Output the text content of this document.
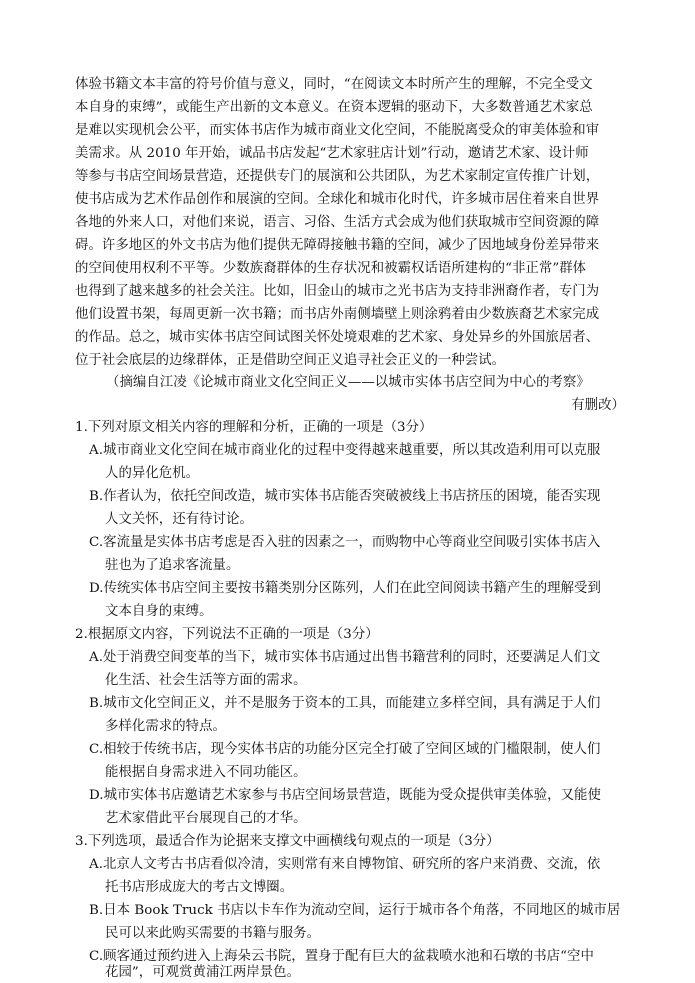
体验书籍文本丰富的符号价值与意义，同时，“在阅读文本时所产生的理解，不完全受文
本自身的束缚”，或能生产出新的文本意义。在资本逻辑的驱动下，大多数普通艺术家总
是难以实现机会公平，而实体书店作为城市商业文化空间，不能脱离受众的审美体验和审
美需求。从 2010 年开始，诚品书店发起“艺术家驻店计划”行动，邀请艺术家、设计师
等参与书店空间场景营造，还提供专门的展演和公共团队，为艺术家制定宣传推广计划，
使书店成为艺术作品创作和展演的空间。全球化和城市化时代，许多城市居住着来自世界
各地的外来人口，对他们来说，语言、习俗、生活方式会成为他们获取城市空间资源的障
碍。许多地区的外文书店为他们提供无障碍接触书籍的空间，减少了因地域身份差异带来
的空间使用权利不平等。少数族裔群体的生存状况和被霸权话语所建构的“非正常”群体
也得到了越来越多的社会关注。比如，旧金山的城市之光书店为支持非洲裔作者，专门为
他们设置书架，每周更新一次书籍；而书店外南侧墙壁上则涂鸦着由少数族裔艺术家完成
的作品。总之，城市实体书店空间试图关怀处境艰难的艺术家、身处异乡的外国旅居者、
位于社会底层的边缘群体，正是借助空间正义追寻社会正义的一种尝试。
（摘编自江凌《论城市商业文化空间正义——以城市实体书店空间为中心的考察》
有删改）
1.下列对原文相关内容的理解和分析，正确的一项是（3分）
A.城市商业文化空间在城市商业化的过程中变得越来越重要，所以其改造利用可以克服
人的异化危机。
B.作者认为，依托空间改造，城市实体书店能否突破被线上书店挤压的困境，能否实现
人文关怀，还有待讨论。
C.客流量是实体书店考虑是否入驻的因素之一，而购物中心等商业空间吸引实体书店入
驻也为了追求客流量。
D.传统实体书店空间主要按书籍类别分区陈列，人们在此空间阅读书籍产生的理解受到
文本自身的束缚。
2.根据原文内容，下列说法不正确的一项是（3分）
A.处于消费空间变革的当下，城市实体书店通过出售书籍营利的同时，还要满足人们文
化生活、社会生活等方面的需求。
B.城市文化空间正义，并不是服务于资本的工具，而能建立多样空间，具有满足于人们
多样化需求的特点。
C.相较于传统书店，现今实体书店的功能分区完全打破了空间区域的门槛限制，使人们
能根据自身需求进入不同功能区。
D.城市实体书店邀请艺术家参与书店空间场景营造，既能为受众提供审美体验，又能使
艺术家借此平台展现自己的才华。
3.下列选项，最适合作为论据来支撑文中画横线句观点的一项是（3分）
A.北京人文考古书店看似冷清，实则常有来自博物馆、研究所的客户来消费、交流，依
托书店形成庞大的考古文博圈。
B.日本 Book Truck 书店以卡车作为流动空间，运行于城市各个角落，不同地区的城市居
民可以来此购买需要的书籍与服务。
C.顾客通过预约进入上海朵云书院，置身于配有巨大的盆栽喷水池和石墩的书店“空中
花园”，可观赏黄浦江两岸景色。
